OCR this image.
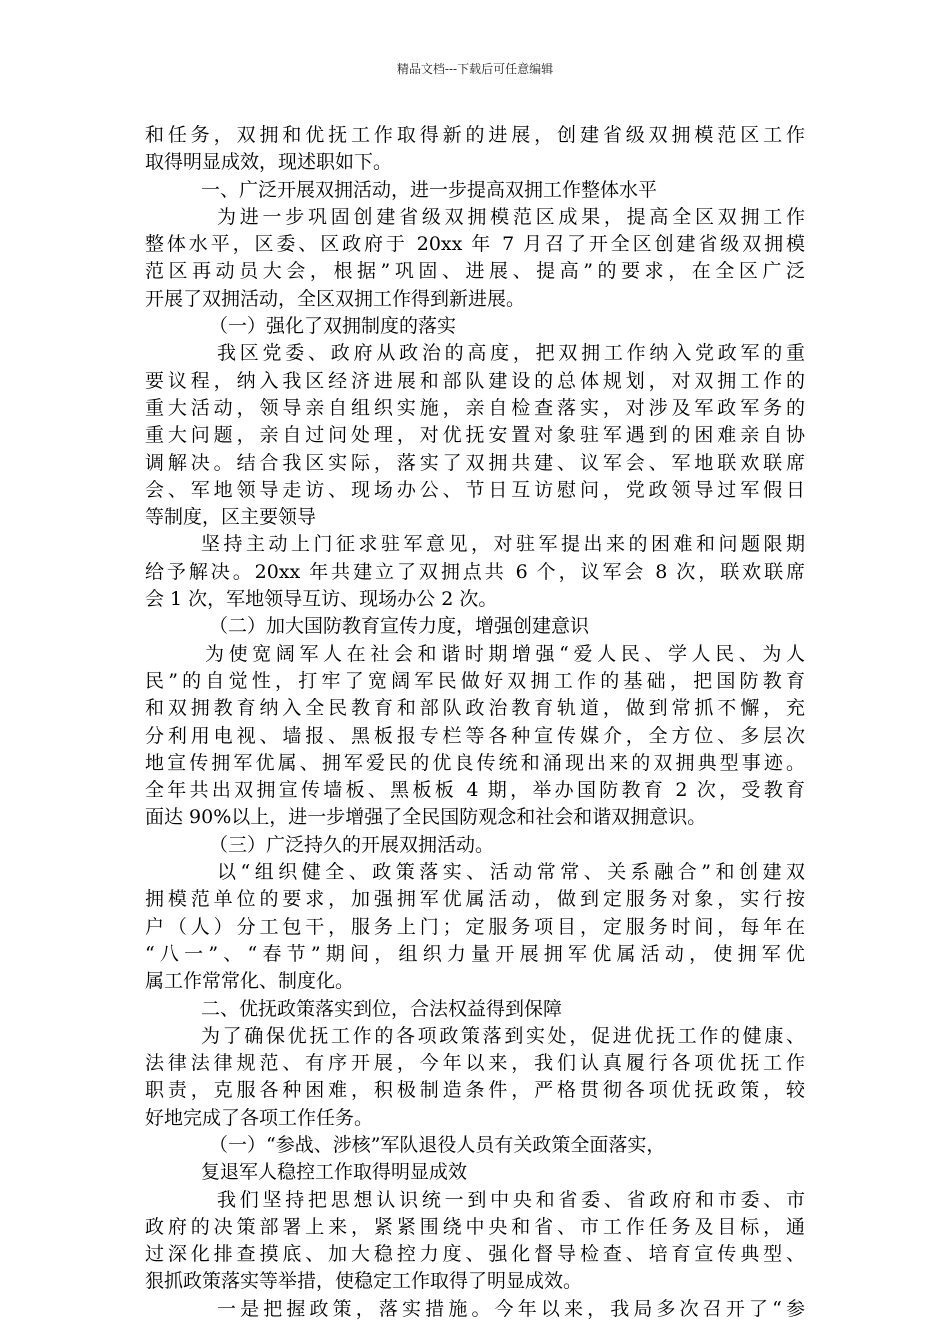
精品文档---下载后可任意编辑
和任务，双拥和优抚工作取得新的进展，创建省级双拥模范区工作
取得明显成效，现述职如下。
一、广泛开展双拥活动，进一步提高双拥工作整体水平
为进一步巩固创建省级双拥模范区成果，提高全区双拥工作
整体水平，区委、区政府于 20xx 年 7 月召了开全区创建省级双拥模
范区再动员大会，根据”巩固、进展、提高”的要求，在全区广泛
开展了双拥活动，全区双拥工作得到新进展。
（一）强化了双拥制度的落实
我区党委、政府从政治的高度，把双拥工作纳入党政军的重
要议程，纳入我区经济进展和部队建设的总体规划，对双拥工作的
重大活动，领导亲自组织实施，亲自检查落实，对涉及军政军务的
重大问题，亲自过问处理，对优抚安置对象驻军遇到的困难亲自协
调解决。结合我区实际，落实了双拥共建、议军会、军地联欢联席
会、军地领导走访、现场办公、节日互访慰问，党政领导过军假日
等制度，区主要领导
坚持主动上门征求驻军意见，对驻军提出来的困难和问题限期
给予解决。20xx 年共建立了双拥点共 6 个，议军会 8 次，联欢联席
会 1 次，军地领导互访、现场办公 2 次。
（二）加大国防教育宣传力度，增强创建意识
为使宽阔军人在社会和谐时期增强“爱人民、学人民、为人
民”的自觉性，打牢了宽阔军民做好双拥工作的基础，把国防教育
和双拥教育纳入全民教育和部队政治教育轨道，做到常抓不懈，充
分利用电视、墙报、黑板报专栏等各种宣传媒介，全方位、多层次
地宣传拥军优属、拥军爱民的优良传统和涌现出来的双拥典型事迹。
全年共出双拥宣传墙板、黑板板 4 期，举办国防教育 2 次，受教育
面达 90%以上，进一步增强了全民国防观念和社会和谐双拥意识。
（三）广泛持久的开展双拥活动。
以“组织健全、政策落实、活动常常、关系融合”和创建双
拥模范单位的要求，加强拥军优属活动，做到定服务对象，实行按
户（人）分工包干，服务上门；定服务项目，定服务时间，每年在
“八一”、“春节”期间，组织力量开展拥军优属活动，使拥军优
属工作常常化、制度化。
二、优抚政策落实到位，合法权益得到保障
为了确保优抚工作的各项政策落到实处，促进优抚工作的健康、
法律法律规范、有序开展，今年以来，我们认真履行各项优抚工作
职责，克服各种困难，积极制造条件，严格贯彻各项优抚政策，较
好地完成了各项工作任务。
（一）“参战、涉核”军队退役人员有关政策全面落实，
复退军人稳控工作取得明显成效
我们坚持把思想认识统一到中央和省委、省政府和市委、市
政府的决策部署上来，紧紧围绕中央和省、市工作任务及目标，通
过深化排查摸底、加大稳控力度、强化督导检查、培育宣传典型、
狠抓政策落实等举措，使稳定工作取得了明显成效。
一是把握政策，落实措施。今年以来，我局多次召开了“参
